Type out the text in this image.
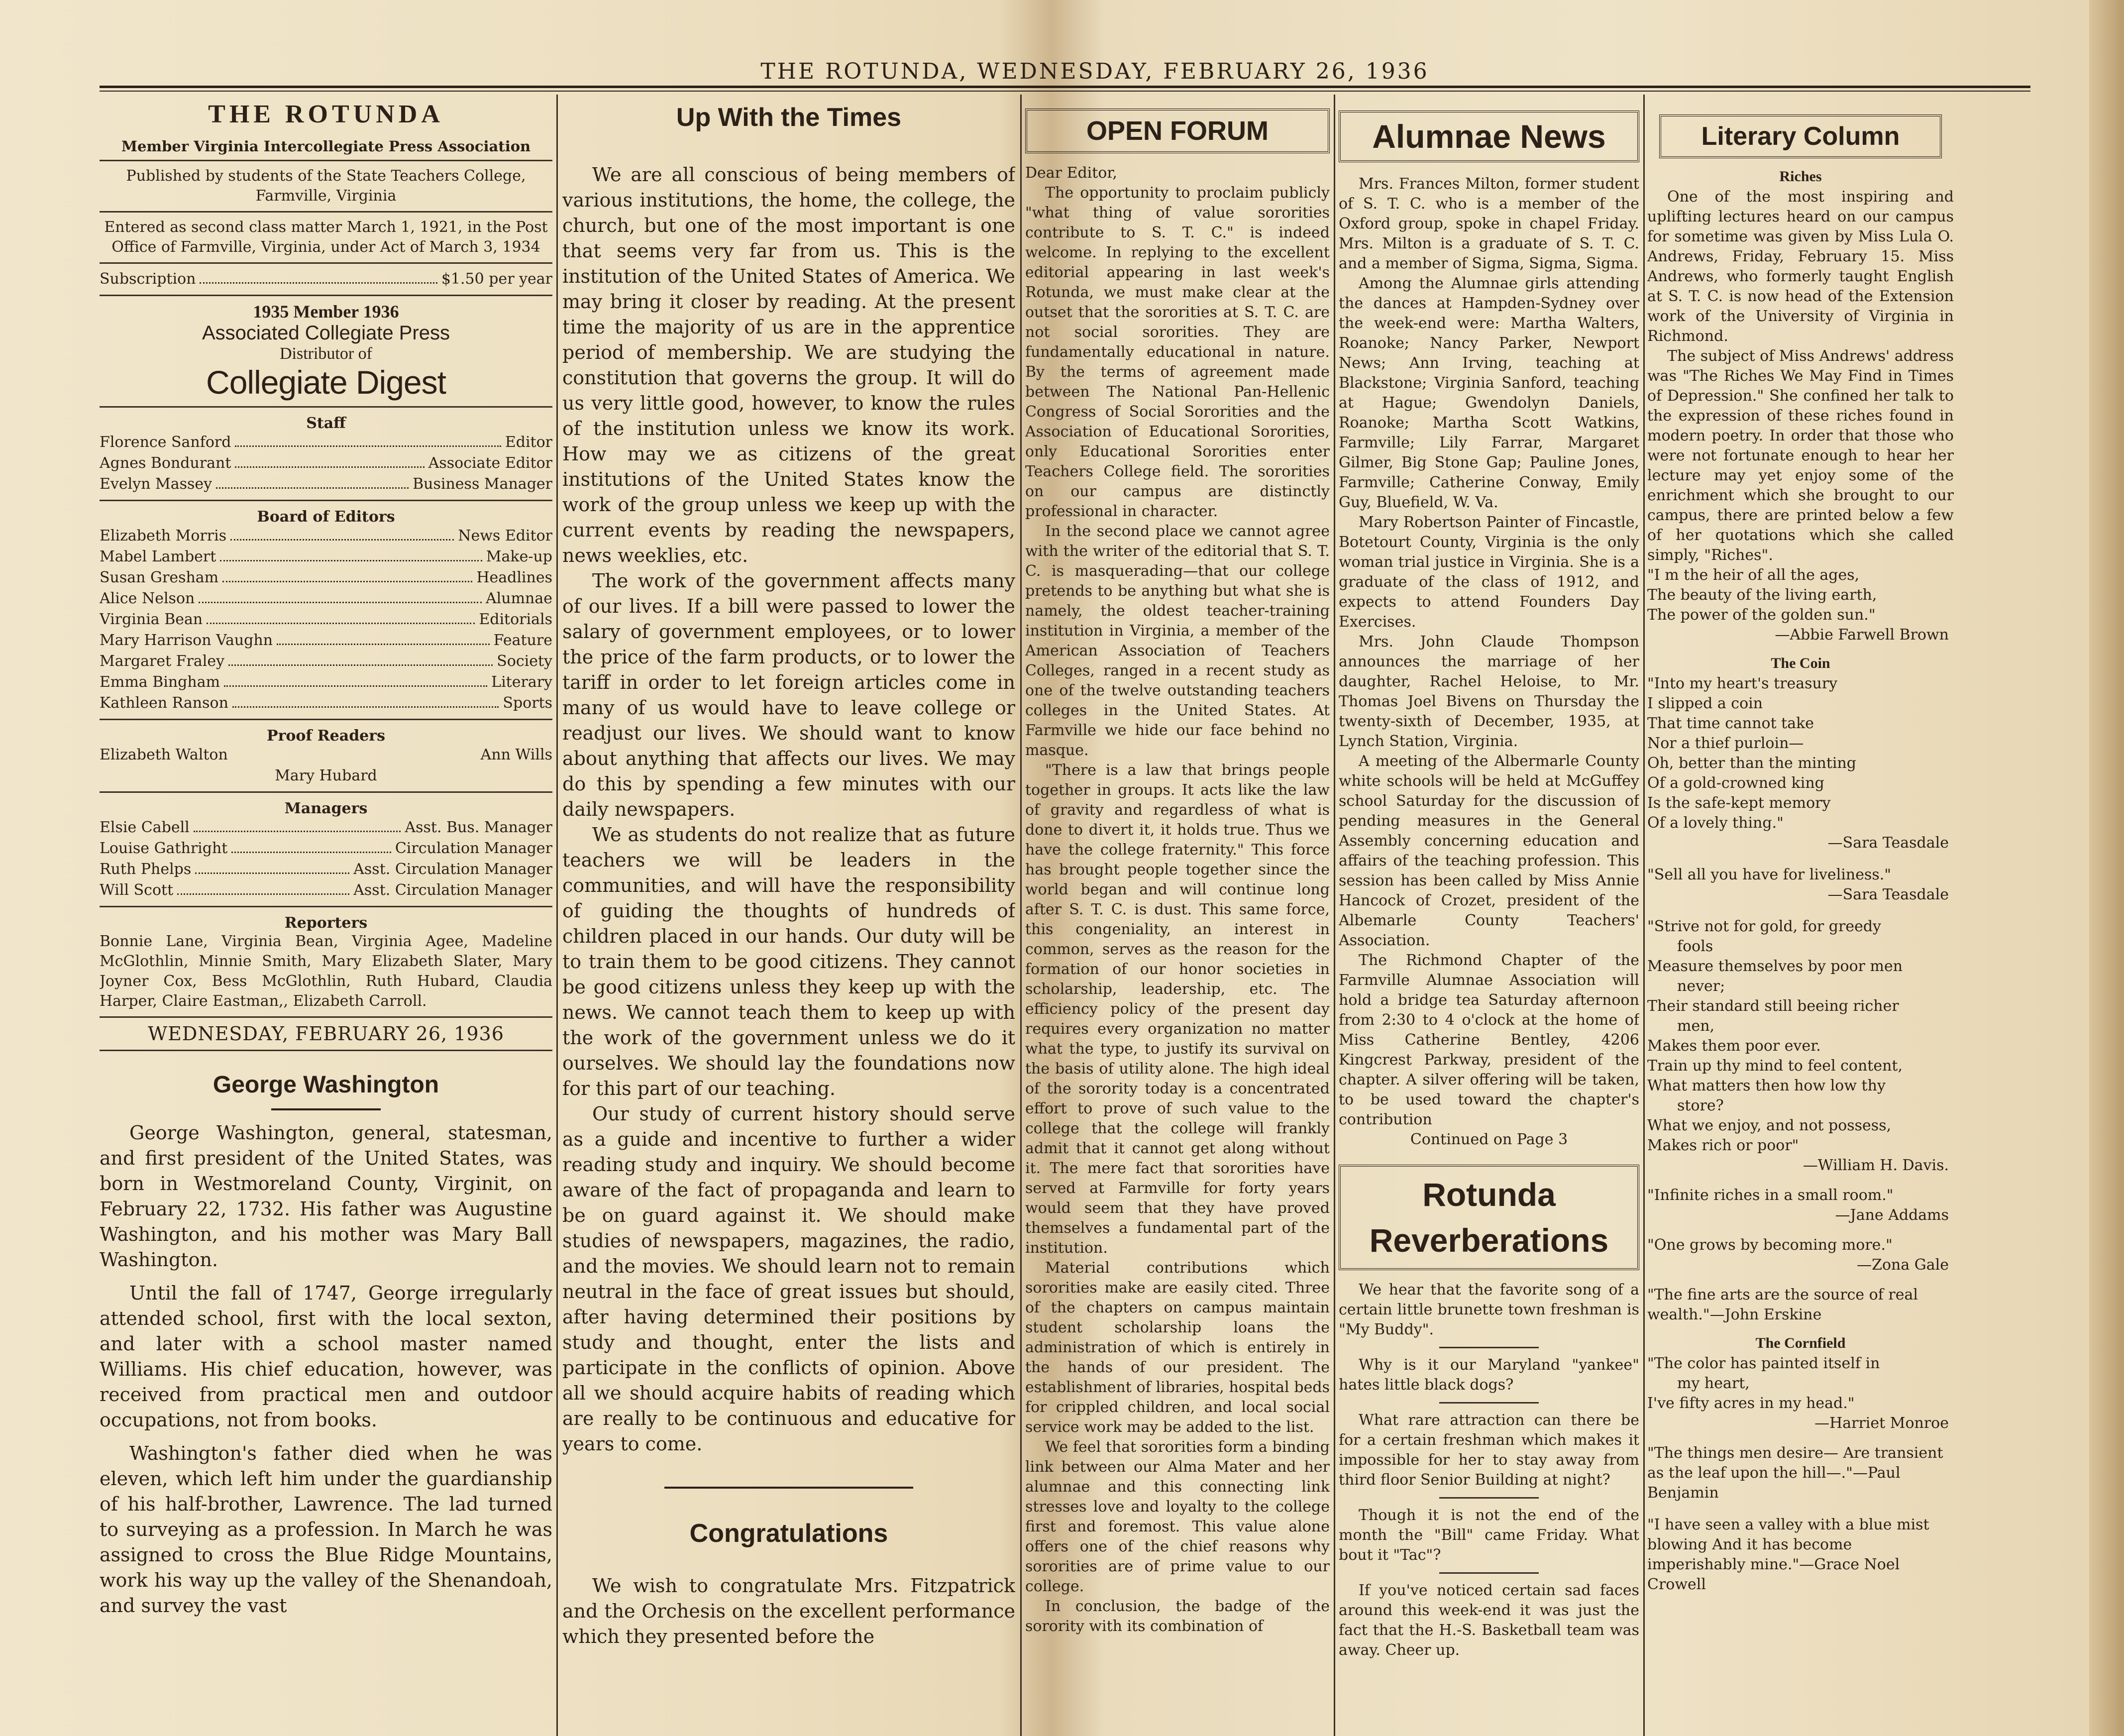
THE ROTUNDA, WEDNESDAY, FEBRUARY 26, 1936
THE ROTUNDA
Member Virginia Intercollegiate Press Association
Published by students of the State Teachers College, Farmville, Virginia
Entered as second class matter March 1, 1921, in the Post Office of Farmville, Virginia, under Act of March 3, 1934
Subscription	$1.50 per year
1935 Member 1936
Associated Collegiate Press
Distributor of
Collegiate Digest
Staff
Florence Sanford	Editor
Agnes Bondurant	Associate Editor
Evelyn Massey	Business Manager
Board of Editors
Elizabeth Morris	News Editor
Mabel Lambert	Make-up
Susan Gresham	Headlines
Alice Nelson	Alumnae
Virginia Bean	Editorials
Mary Harrison Vaughn	Feature
Margaret Fraley	Society
Emma Bingham	Literary
Kathleen Ranson	Sports
Proof Readers
Elizabeth Walton	Ann Wills
Mary Hubard
Managers
Elsie Cabell	Asst. Bus. Manager
Louise Gathright	Circulation Manager
Ruth Phelps	Asst. Circulation Manager
Will Scott	Asst. Circulation Manager
Reporters

Bonnie Lane, Virginia Bean, Virginia Agee, Madeline McGlothlin, Minnie Smith, Mary Elizabeth Slater, Mary Joyner Cox, Bess McGlothlin, Ruth Hubard, Claudia Harper, Claire Eastman,, Elizabeth Carroll.

WEDNESDAY, FEBRUARY 26, 1936
George Washington

George Washington, general, statesman, and first president of the United States, was born in Westmoreland County, Virginit, on February 22, 1732. His father was Augustine Washington, and his mother was Mary Ball Washington.

Until the fall of 1747, George irregularly attended school, first with the local sexton, and later with a school master named Williams. His chief education, however, was received from practical men and outdoor occupations, not from books.

Washington's father died when he was eleven, which left him under the guardianship of his half-brother, Lawrence. The lad turned to surveying as a profession. In March he was assigned to cross the Blue Ridge Mountains, work his way up the valley of the Shenandoah, and survey the vast

Up With the Times

We are all conscious of being members of various institutions, the home, the college, the church, but one of the most important is one that seems very far from us. This is the institution of the United States of America. We may bring it closer by reading. At the present time the majority of us are in the apprentice period of membership. We are studying the constitution that governs the group. It will do us very little good, however, to know the rules of the institution unless we know its work. How may we as citizens of the great institutions of the United States know the work of the group unless we keep up with the current events by reading the newspapers, news weeklies, etc.

The work of the government affects many of our lives. If a bill were passed to lower the salary of government employees, or to lower the price of the farm products, or to lower the tariff in order to let foreign articles come in many of us would have to leave college or readjust our lives. We should want to know about anything that affects our lives. We may do this by spending a few minutes with our daily newspapers.

We as students do not realize that as future teachers we will be leaders in the communities, and will have the responsibility of guiding the thoughts of hundreds of children placed in our hands. Our duty will be to train them to be good citizens. They cannot be good citizens unless they keep up with the news. We cannot teach them to keep up with the work of the government unless we do it ourselves. We should lay the foundations now for this part of our teaching.

Our study of current history should serve as a guide and incentive to further a wider reading study and inquiry. We should become aware of the fact of propaganda and learn to be on guard against it. We should make studies of newspapers, magazines, the radio, and the movies. We should learn not to remain neutral in the face of great issues but should, after having determined their positions by study and thought, enter the lists and participate in the conflicts of opinion. Above all we should acquire habits of reading which are really to be continuous and educative for years to come.

Congratulations

We wish to congratulate Mrs. Fitzpatrick and the Orchesis on the excellent performance which they presented before the

OPEN FORUM

Dear Editor,

The opportunity to proclaim publicly "what thing of value sororities contribute to S. T. C." is indeed welcome. In replying to the excellent editorial appearing in last week's Rotunda, we must make clear at the outset that the sororities at S. T. C. are not social sororities. They are fundamentally educational in nature. By the terms of agreement made between The National Pan-Hellenic Congress of Social Sororities and the Association of Educational Sororities, only Educational Sororities enter Teachers College field. The sororities on our campus are distinctly professional in character.

In the second place we cannot agree with the writer of the editorial that S. T. C. is masquerading—that our college pretends to be anything but what she is namely, the oldest teacher-training institution in Virginia, a member of the American Association of Teachers Colleges, ranged in a recent study as one of the twelve outstanding teachers colleges in the United States. At Farmville we hide our face behind no masque.

"There is a law that brings people together in groups. It acts like the law of gravity and regardless of what is done to divert it, it holds true. Thus we have the college fraternity." This force has brought people together since the world began and will continue long after S. T. C. is dust. This same force, this congeniality, an interest in common, serves as the reason for the formation of our honor societies in scholarship, leadership, etc. The efficiency policy of the present day requires every organization no matter what the type, to justify its survival on the basis of utility alone. The high ideal of the sorority today is a concentrated effort to prove of such value to the college that the college will frankly admit that it cannot get along without it. The mere fact that sororities have served at Farmville for forty years would seem that they have proved themselves a fundamental part of the institution.

Material contributions which sororities make are easily cited. Three of the chapters on campus maintain student scholarship loans the administration of which is entirely in the hands of our president. The establishment of libraries, hospital beds for crippled children, and local social service work may be added to the list.

We feel that sororities form a binding link between our Alma Mater and her alumnae and this connecting link stresses love and loyalty to the college first and foremost. This value alone offers one of the chief reasons why sororities are of prime value to our college.

In conclusion, the badge of the sorority with its combination of

Alumnae News

Mrs. Frances Milton, former student of S. T. C. who is a member of the Oxford group, spoke in chapel Friday. Mrs. Milton is a graduate of S. T. C. and a member of Sigma, Sigma, Sigma.

Among the Alumnae girls attending the dances at Hampden-Sydney over the week-end were: Martha Walters, Roanoke; Nancy Parker, Newport News; Ann Irving, teaching at Blackstone; Virginia Sanford, teaching at Hague; Gwendolyn Daniels, Roanoke; Martha Scott Watkins, Farmville; Lily Farrar, Margaret Gilmer, Big Stone Gap; Pauline Jones, Farmville; Catherine Conway, Emily Guy, Bluefield, W. Va.

Mary Robertson Painter of Fincastle, Botetourt County, Virginia is the only woman trial justice in Virginia. She is a graduate of the class of 1912, and expects to attend Founders Day Exercises.

Mrs. John Claude Thompson announces the marriage of her daughter, Rachel Heloise, to Mr. Thomas Joel Bivens on Thursday the twenty-sixth of December, 1935, at Lynch Station, Virginia.

A meeting of the Albermarle County white schools will be held at McGuffey school Saturday for the discussion of pending measures in the General Assembly concerning education and affairs of the teaching profession. This session has been called by Miss Annie Hancock of Crozet, president of the Albemarle County Teachers' Association.

The Richmond Chapter of the Farmville Alumnae Association will hold a bridge tea Saturday afternoon from 2:30 to 4 o'clock at the home of Miss Catherine Bentley, 4206 Kingcrest Parkway, president of the chapter. A silver offering will be taken, to be used toward the chapter's contribution

Continued on Page 3
Rotunda
Reverberations

We hear that the favorite song of a certain little brunette town freshman is "My Buddy".

Why is it our Maryland "yankee" hates little black dogs?

What rare attraction can there be for a certain freshman which makes it impossible for her to stay away from third floor Senior Building at night?

Though it is not the end of the month the "Bill" came Friday. What bout it "Tac"?

If you've noticed certain sad faces around this week-end it was just the fact that the H.-S. Basketball team was away. Cheer up.

Literary Column
Riches

One of the most inspiring and uplifting lectures heard on our campus for sometime was given by Miss Lula O. Andrews, Friday, February 15. Miss Andrews, who formerly taught English at S. T. C. is now head of the Extension work of the University of Virginia in Richmond.

The subject of Miss Andrews' address was "The Riches We May Find in Times of Depression." She confined her talk to the expression of these riches found in modern poetry. In order that those who were not fortunate enough to hear her lecture may yet enjoy some of the enrichment which she brought to our campus, there are printed below a few of her quotations which she called simply, "Riches".

"I m the heir of all the ages,
The beauty of the living earth,
The power of the golden sun."
—Abbie Farwell Brown
The Coin
"Into my heart's treasury
I slipped a coin
That time cannot take
Nor a thief purloin—
Oh, better than the minting
Of a gold-crowned king
Is the safe-kept memory
Of a lovely thing."
—Sara Teasdale
"Sell all you have for liveliness."
—Sara Teasdale
"Strive not for gold, for greedy
fools
Measure themselves by poor men
never;
Their standard still beeing richer
men,
Makes them poor ever.
Train up thy mind to feel content,
What matters then how low thy
store?
What we enjoy, and not possess,
Makes rich or poor"
—William H. Davis.
"Infinite riches in a small room."
—Jane Addams
"One grows by becoming more."
—Zona Gale
"The fine arts are the source of real wealth."—John Erskine
The Cornfield
"The color has painted itself in
my heart,
I've fifty acres in my head."
—Harriet Monroe
"The things men desire— Are transient as the leaf upon the hill—."—Paul Benjamin
"I have seen a valley with a blue mist blowing And it has become imperishably mine."—Grace Noel Crowell
